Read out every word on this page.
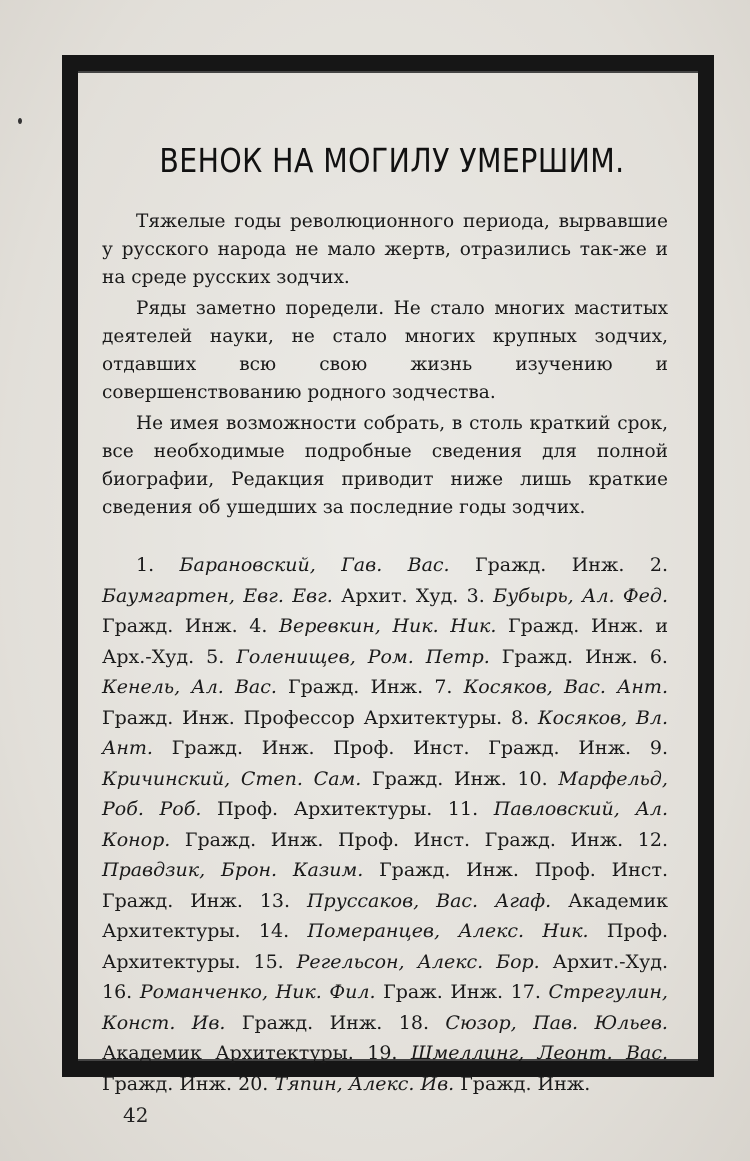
ВЕНОК НА МОГИЛУ УМЕРШИМ.

Тяжелые годы революционного периода, вырвавшие у русского народа не мало жертв, отразились так-же и на среде русских зодчих.

Ряды заметно поредели. Не стало многих маститых деятелей науки, не стало многих крупных зодчих, отдавших всю свою жизнь изучению и совершенствованию родного зодчества.

Не имея возможности собрать, в столь краткий срок, все необходимые подробные сведения для полной биографии, Редакция приводит ниже лишь краткие сведения об ушедших за последние годы зодчих.

1. Барановский, Гав. Вас. Гражд. Инж. 2. Баумгартен, Евг. Евг. Архит. Худ. 3. Бубырь, Ал. Фед. Гражд. Инж. 4. Веревкин, Ник. Ник. Гражд. Инж. и Арх.-Худ. 5. Голенищев, Ром. Петр. Гражд. Инж. 6. Кенель, Ал. Вас. Гражд. Инж. 7. Косяков, Вас. Ант. Гражд. Инж. Профессор Архитектуры. 8. Косяков, Вл. Ант. Гражд. Инж. Проф. Инст. Гражд. Инж. 9. Кричинский, Степ. Сам. Гражд. Инж. 10. Марфельд, Роб. Роб. Проф. Архитектуры. 11. Павловский, Ал. Конор. Гражд. Инж. Проф. Инст. Гражд. Инж. 12. Правдзик, Брон. Казим. Гражд. Инж. Проф. Инст. Гражд. Инж. 13. Пруссаков, Вас. Агаф. Академик Архитектуры. 14. Померанцев, Алекс. Ник. Проф. Архитектуры. 15. Регельсон, Алекс. Бор. Архит.-Худ. 16. Романченко, Ник. Фил. Граж. Инж. 17. Стрегулин, Конст. Ив. Гражд. Инж. 18. Сюзор, Пав. Юльев. Академик Архитектуры. 19. Шмеллинг, Леонт. Вас. Гражд. Инж. 20. Тяпин, Алекс. Ив. Гражд. Инж.
42
